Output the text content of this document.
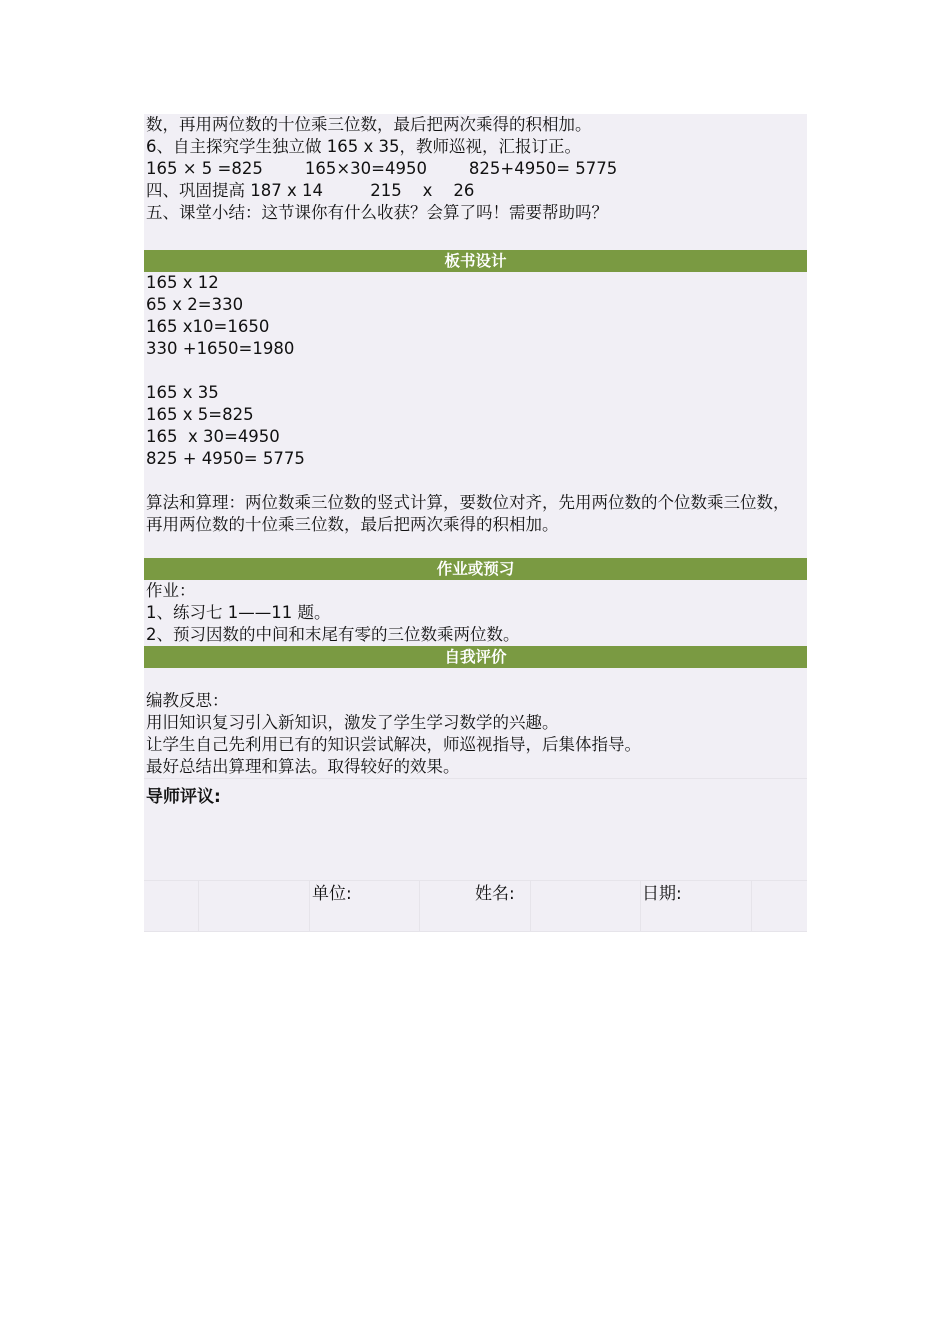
数，再用两位数的十位乘三位数，最后把两次乘得的积相加。
6、自主探究学生独立做 165 x 35，教师巡视，汇报订正。
165 × 5 =825        165×30=4950        825+4950= 5775
四、巩固提高 187 x 14         215    x    26
五、课堂小结：这节课你有什么收获？会算了吗！需要帮助吗？
板书设计
165 x 12
65 x 2=330
165 x10=1650
330 +1650=1980
165 x 35
165 x 5=825
165  x 30=4950
825 + 4950= 5775
算法和算理：两位数乘三位数的竖式计算，要数位对齐，先用两位数的个位数乘三位数，
再用两位数的十位乘三位数，最后把两次乘得的积相加。
作业或预习
作业：
1、练习七 1——11 题。
2、预习因数的中间和末尾有零的三位数乘两位数。
自我评价
编教反思：
用旧知识复习引入新知识，激发了学生学习数学的兴趣。
让学生自己先利用已有的知识尝试解决，师巡视指导，后集体指导。
最好总结出算理和算法。取得较好的效果。
导师评议:
单位:	姓名:	日期:
